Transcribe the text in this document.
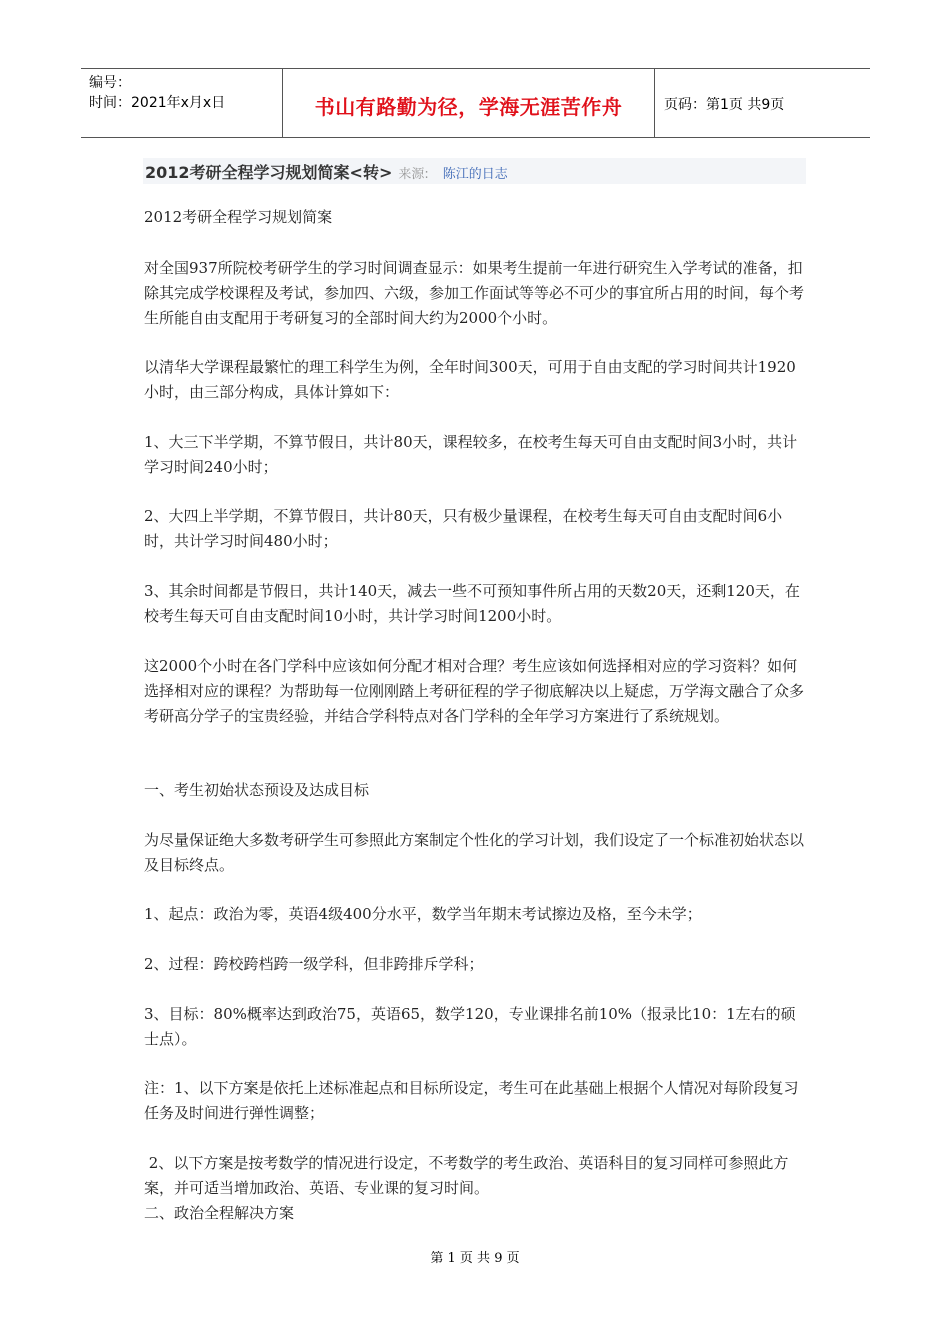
编号：
时间：2021年x月x日	书山有路勤为径，学海无涯苦作舟	页码：第1页 共9页
2012考研全程学习规划简案<转> 来源: 陈江的日志
2012考研全程学习规划简案
对全国937所院校考研学生的学习时间调查显示：如果考生提前一年进行研究生入学考试的准备，扣除其完成学校课程及考试，参加四、六级，参加工作面试等等必不可少的事宜所占用的时间，每个考生所能自由支配用于考研复习的全部时间大约为2000个小时。
以清华大学课程最繁忙的理工科学生为例，全年时间300天，可用于自由支配的学习时间共计1920小时，由三部分构成，具体计算如下：
1、大三下半学期，不算节假日，共计80天，课程较多，在校考生每天可自由支配时间3小时，共计学习时间240小时；
2、大四上半学期，不算节假日，共计80天，只有极少量课程，在校考生每天可自由支配时间6小时，共计学习时间480小时；
3、其余时间都是节假日，共计140天，减去一些不可预知事件所占用的天数20天，还剩120天，在校考生每天可自由支配时间10小时，共计学习时间1200小时。
这2000个小时在各门学科中应该如何分配才相对合理？考生应该如何选择相对应的学习资料？如何选择相对应的课程？为帮助每一位刚刚踏上考研征程的学子彻底解决以上疑虑，万学海文融合了众多考研高分学子的宝贵经验，并结合学科特点对各门学科的全年学习方案进行了系统规划。
一、考生初始状态预设及达成目标
为尽量保证绝大多数考研学生可参照此方案制定个性化的学习计划，我们设定了一个标准初始状态以及目标终点。
1、起点：政治为零，英语4级400分水平，数学当年期末考试擦边及格，至今未学；
2、过程：跨校跨档跨一级学科，但非跨排斥学科；
3、目标：80%概率达到政治75，英语65，数学120，专业课排名前10%（报录比10：1左右的硕士点）。
注：1、以下方案是依托上述标准起点和目标所设定，考生可在此基础上根据个人情况对每阶段复习任务及时间进行弹性调整；
2、以下方案是按考数学的情况进行设定，不考数学的考生政治、英语科目的复习同样可参照此方案，并可适当增加政治、英语、专业课的复习时间。
二、政治全程解决方案
第 1 页 共 9 页
